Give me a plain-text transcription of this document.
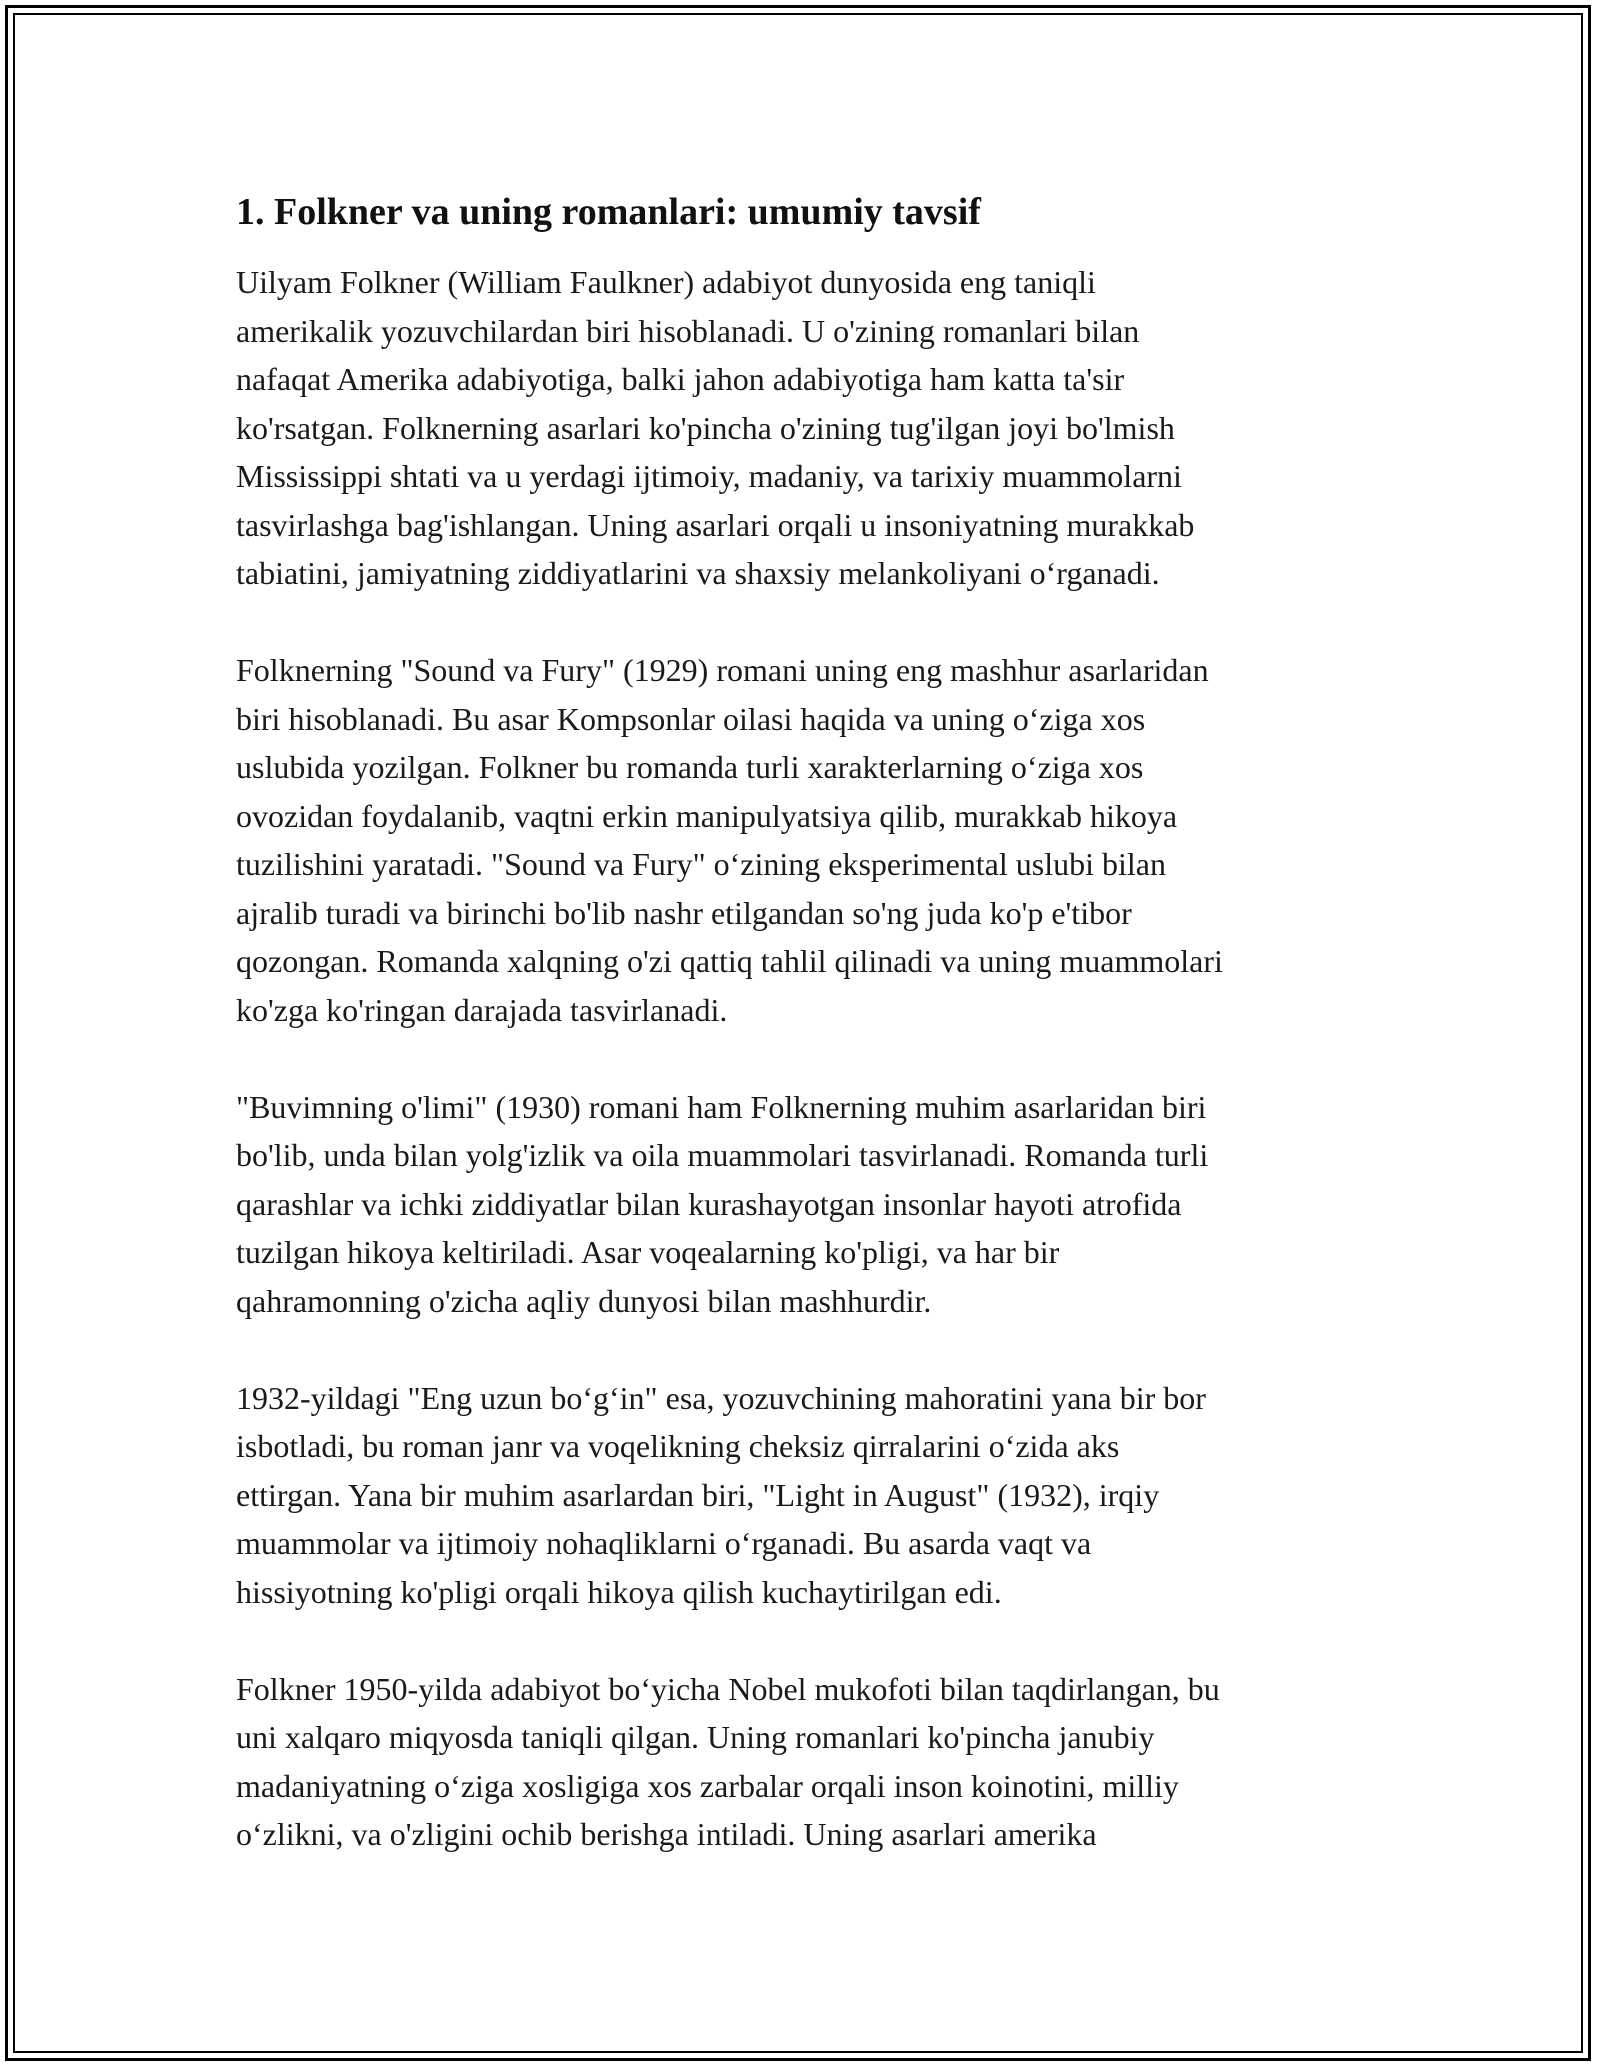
1. Folkner va uning romanlari: umumiy tavsif

Uilyam Folkner (William Faulkner) adabiyot dunyosida eng taniqli
amerikalik yozuvchilardan biri hisoblanadi. U o'zining romanlari bilan
nafaqat Amerika adabiyotiga, balki jahon adabiyotiga ham katta ta'sir
ko'rsatgan. Folknerning asarlari ko'pincha o'zining tug'ilgan joyi bo'lmish
Mississippi shtati va u yerdagi ijtimoiy, madaniy, va tarixiy muammolarni
tasvirlashga bag'ishlangan. Uning asarlari orqali u insoniyatning murakkab
tabiatini, jamiyatning ziddiyatlarini va shaxsiy melankoliyani o‘rganadi.

Folknerning "Sound va Fury" (1929) romani uning eng mashhur asarlaridan
biri hisoblanadi. Bu asar Kompsonlar oilasi haqida va uning o‘ziga xos
uslubida yozilgan. Folkner bu romanda turli xarakterlarning o‘ziga xos
ovozidan foydalanib, vaqtni erkin manipulyatsiya qilib, murakkab hikoya
tuzilishini yaratadi. "Sound va Fury" o‘zining eksperimental uslubi bilan
ajralib turadi va birinchi bo'lib nashr etilgandan so'ng juda ko'p e'tibor
qozongan. Romanda xalqning o'zi qattiq tahlil qilinadi va uning muammolari
ko'zga ko'ringan darajada tasvirlanadi.

"Buvimning o'limi" (1930) romani ham Folknerning muhim asarlaridan biri
bo'lib, unda bilan yolg'izlik va oila muammolari tasvirlanadi. Romanda turli
qarashlar va ichki ziddiyatlar bilan kurashayotgan insonlar hayoti atrofida
tuzilgan hikoya keltiriladi. Asar voqealarning ko'pligi, va har bir
qahramonning o'zicha aqliy dunyosi bilan mashhurdir.

1932-yildagi "Eng uzun bo‘g‘in" esa, yozuvchining mahoratini yana bir bor
isbotladi, bu roman janr va voqelikning cheksiz qirralarini o‘zida aks
ettirgan. Yana bir muhim asarlardan biri, "Light in August" (1932), irqiy
muammolar va ijtimoiy nohaqliklarni o‘rganadi. Bu asarda vaqt va
hissiyotning ko'pligi orqali hikoya qilish kuchaytirilgan edi.

Folkner 1950-yilda adabiyot bo‘yicha Nobel mukofoti bilan taqdirlangan, bu
uni xalqaro miqyosda taniqli qilgan. Uning romanlari ko'pincha janubiy
madaniyatning o‘ziga xosligiga xos zarbalar orqali inson koinotini, milliy
o‘zlikni, va o'zligini ochib berishga intiladi. Uning asarlari amerika
